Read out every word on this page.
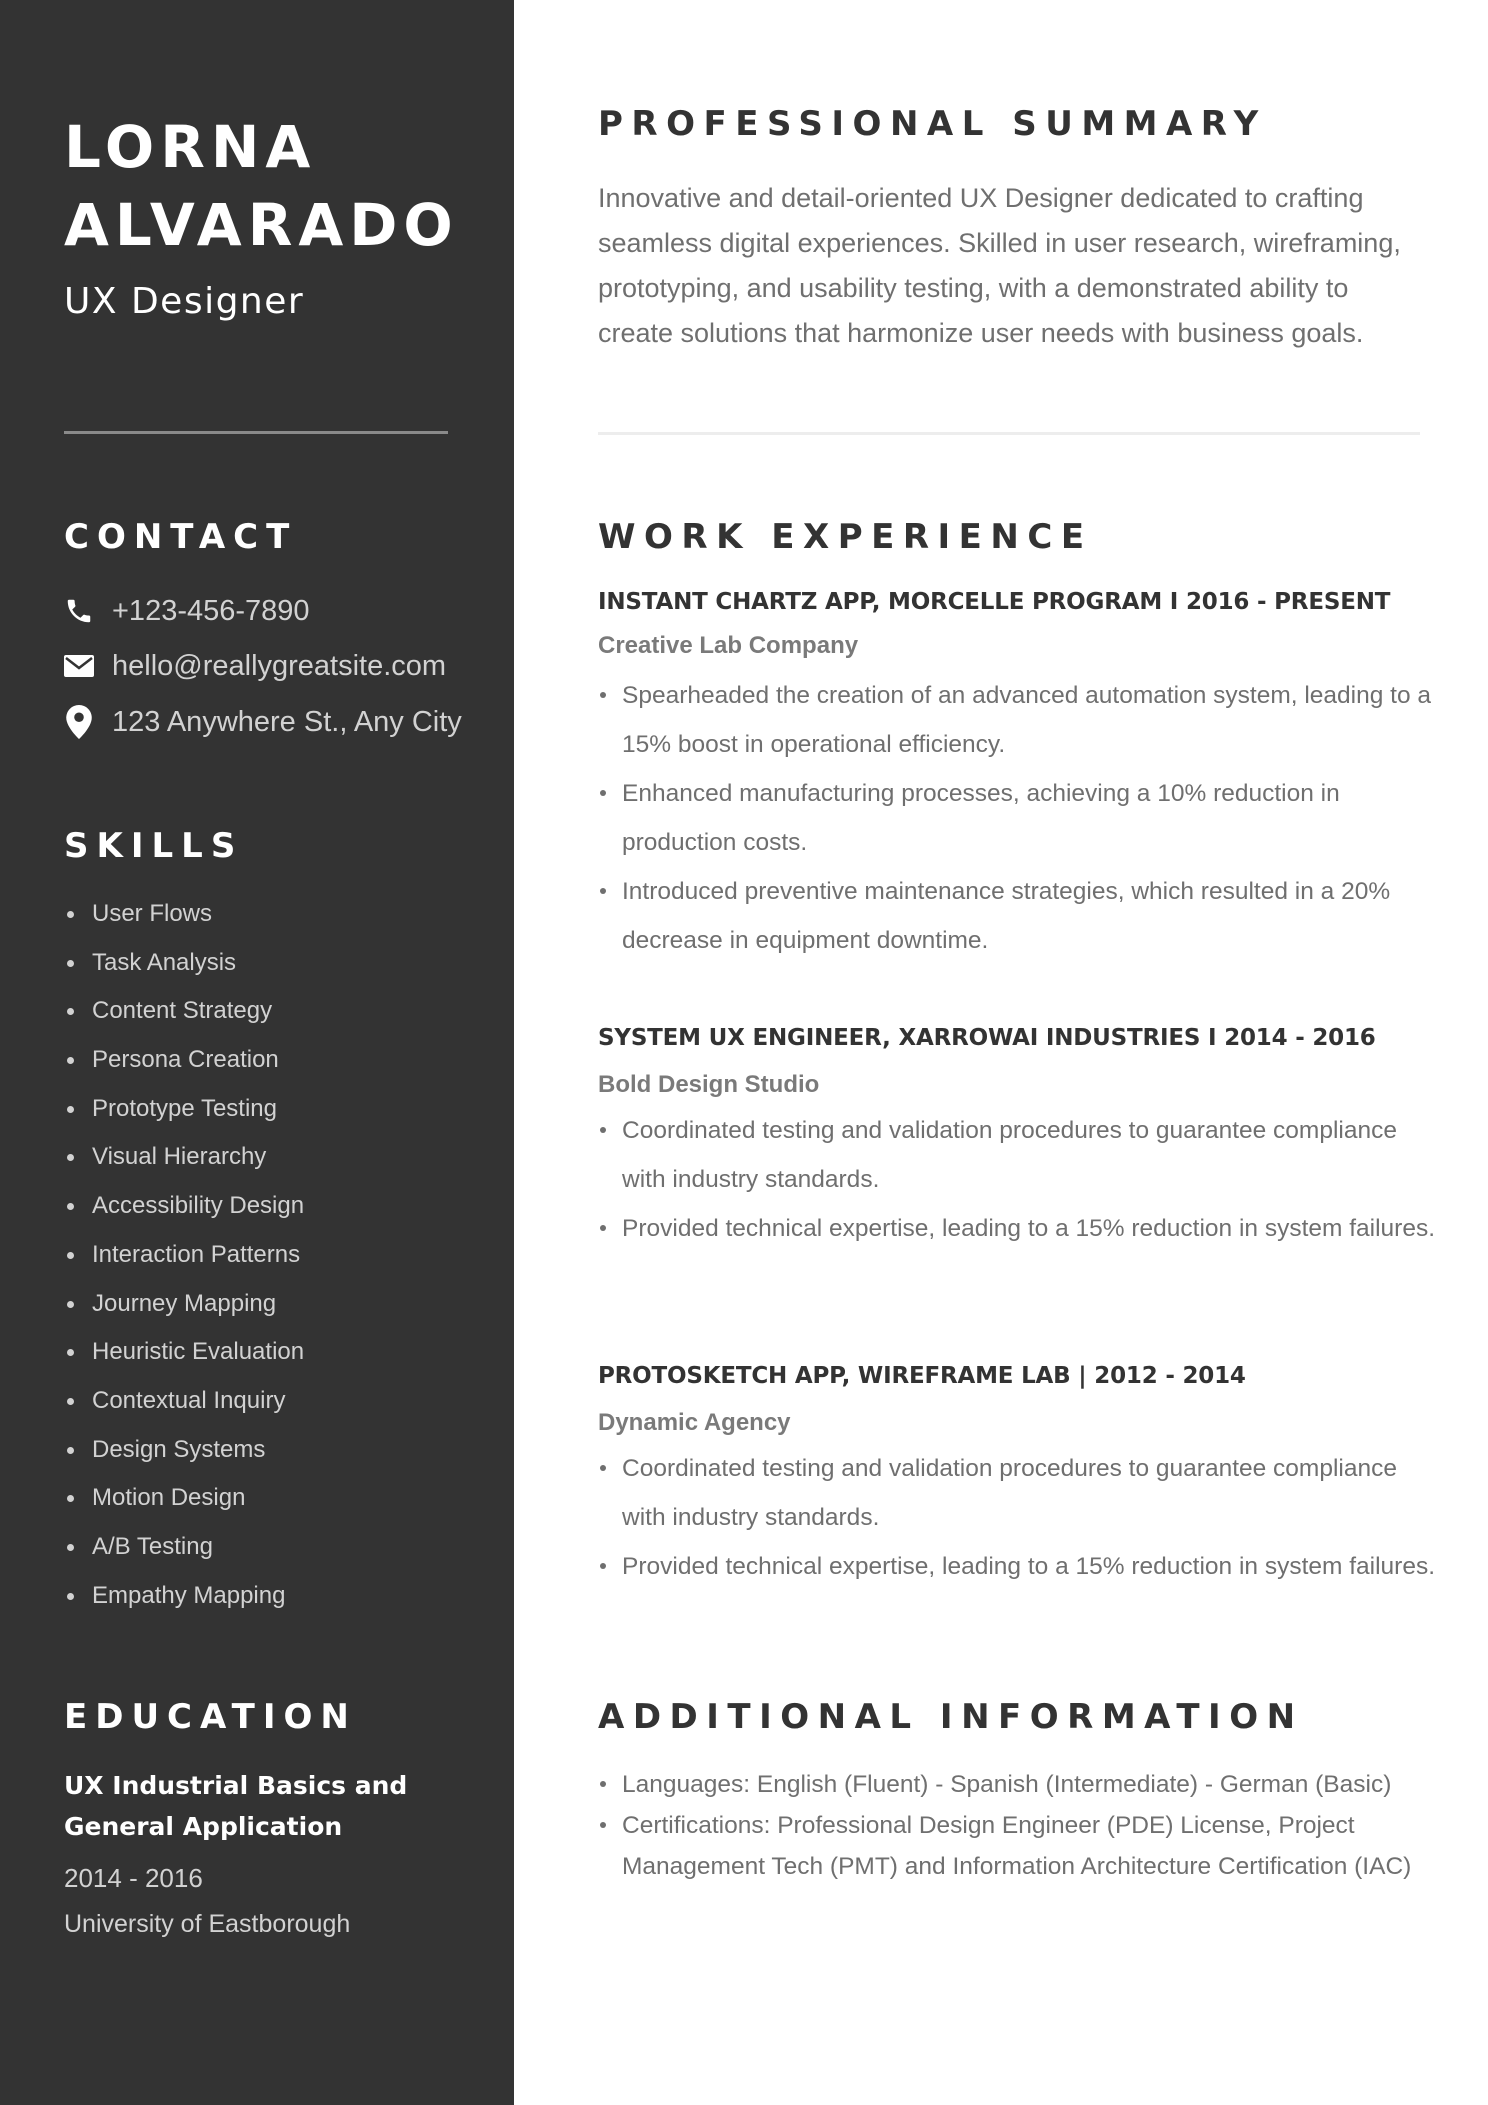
LORNA ALVARADO

UX Designer

CONTACT
+123-456-7890
hello@reallygreatsite.com
123 Anywhere St., Any City
SKILLS
User Flows
Task Analysis
Content Strategy
Persona Creation
Prototype Testing
Visual Hierarchy
Accessibility Design
Interaction Patterns
Journey Mapping
Heuristic Evaluation
Contextual Inquiry
Design Systems
Motion Design
A/B Testing
Empathy Mapping
EDUCATION

UX Industrial Basics and General Application

2014 - 2016

University of Eastborough

PROFESSIONAL SUMMARY

Innovative and detail-oriented UX Designer dedicated to crafting seamless digital experiences. Skilled in user research, wireframing, prototyping, and usability testing, with a demonstrated ability to create solutions that harmonize user needs with business goals.

WORK EXPERIENCE

INSTANT CHARTZ APP, MORCELLE PROGRAM I 2016 - PRESENT

Creative Lab Company

Spearheaded the creation of an advanced automation system, leading to a 15% boost in operational efficiency.
Enhanced manufacturing processes, achieving a 10% reduction in production costs.
Introduced preventive maintenance strategies, which resulted in a 20% decrease in equipment downtime.

SYSTEM UX ENGINEER, XARROWAI INDUSTRIES I 2014 - 2016

Bold Design Studio

Coordinated testing and validation procedures to guarantee compliance with industry standards.
Provided technical expertise, leading to a 15% reduction in system failures.

PROTOSKETCH APP, WIREFRAME LAB | 2012 - 2014

Dynamic Agency

Coordinated testing and validation procedures to guarantee compliance with industry standards.
Provided technical expertise, leading to a 15% reduction in system failures.
ADDITIONAL INFORMATION
Languages: English (Fluent) - Spanish (Intermediate) - German (Basic)
Certifications: Professional Design Engineer (PDE) License, Project Management Tech (PMT) and Information Architecture Certification (IAC)
